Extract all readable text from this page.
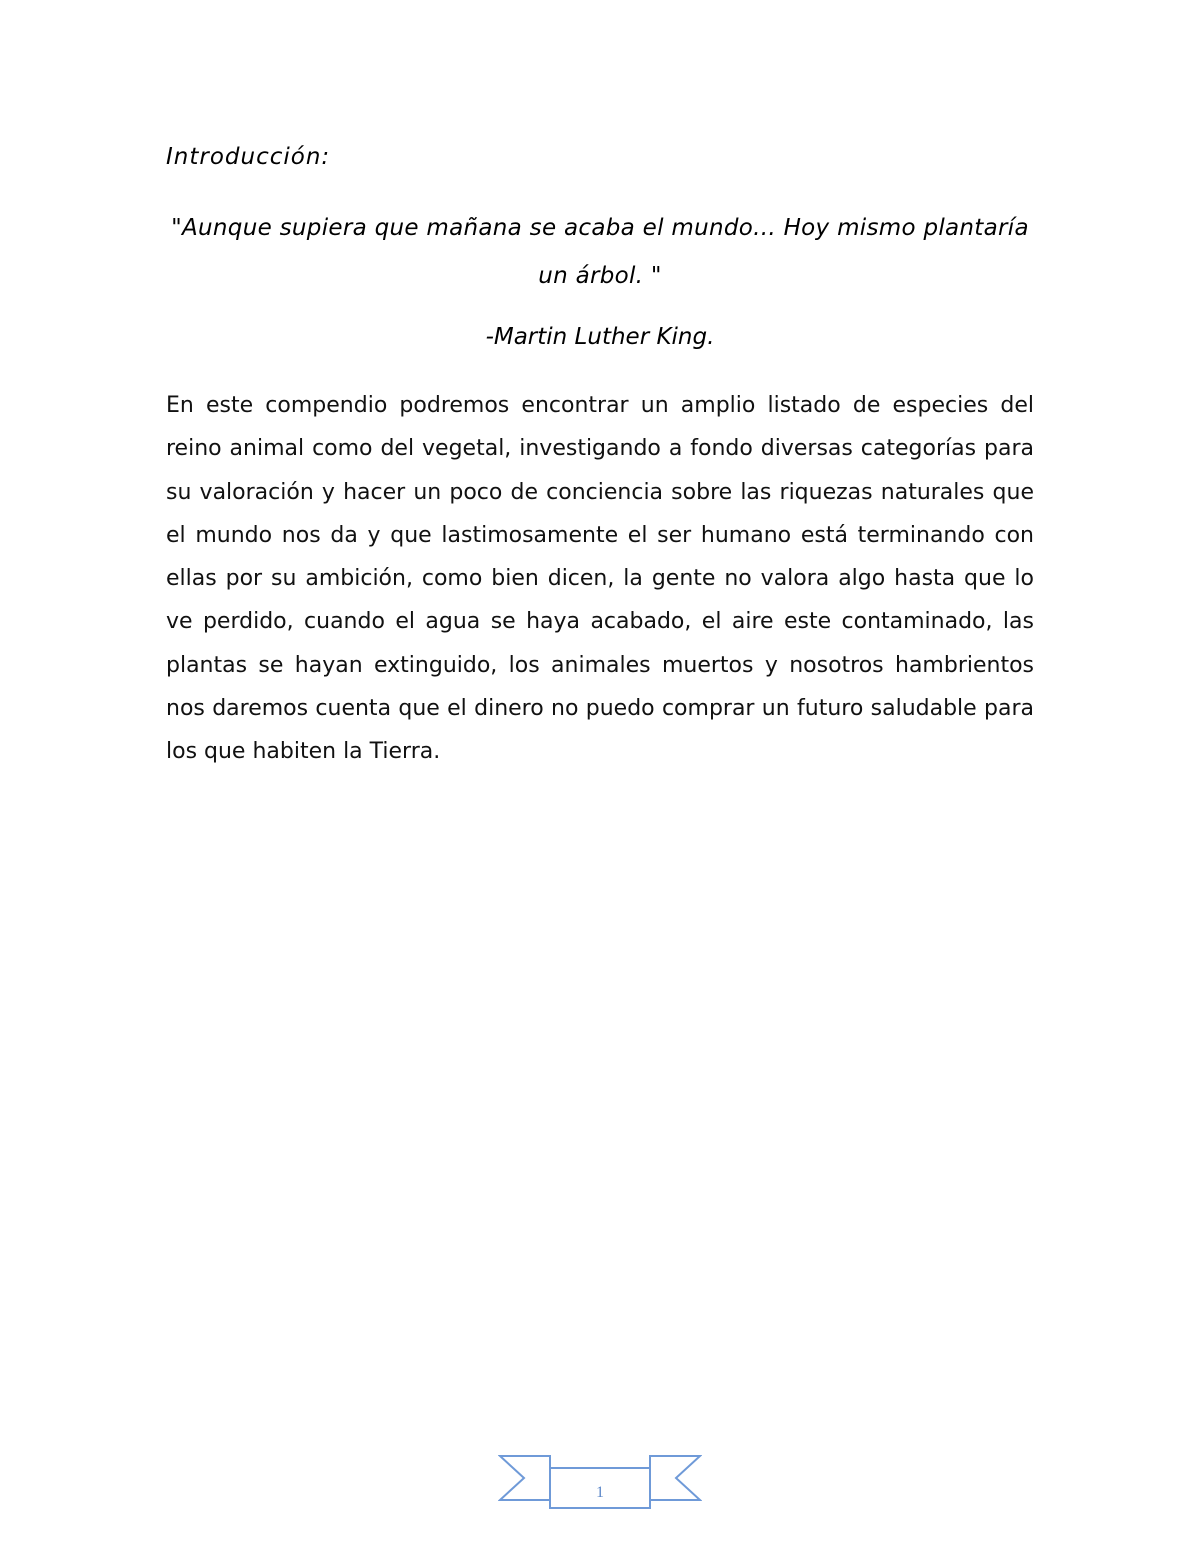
Introducción:

"Aunque supiera que mañana se acaba el mundo... Hoy mismo plantaría un árbol. "

-Martin Luther King.

En este compendio podremos encontrar un amplio listado de especies del reino animal como del vegetal, investigando a fondo diversas categorías para su valoración y hacer un poco de conciencia sobre las riquezas naturales que el mundo nos da y que lastimosamente el ser humano está terminando con ellas por su ambición, como bien dicen, la gente no valora algo hasta que lo ve perdido, cuando el agua se haya acabado, el aire este contaminado, las plantas se hayan extinguido, los animales muertos y nosotros hambrientos nos daremos cuenta que el dinero no puedo comprar un futuro saludable para los que habiten la Tierra.

1
